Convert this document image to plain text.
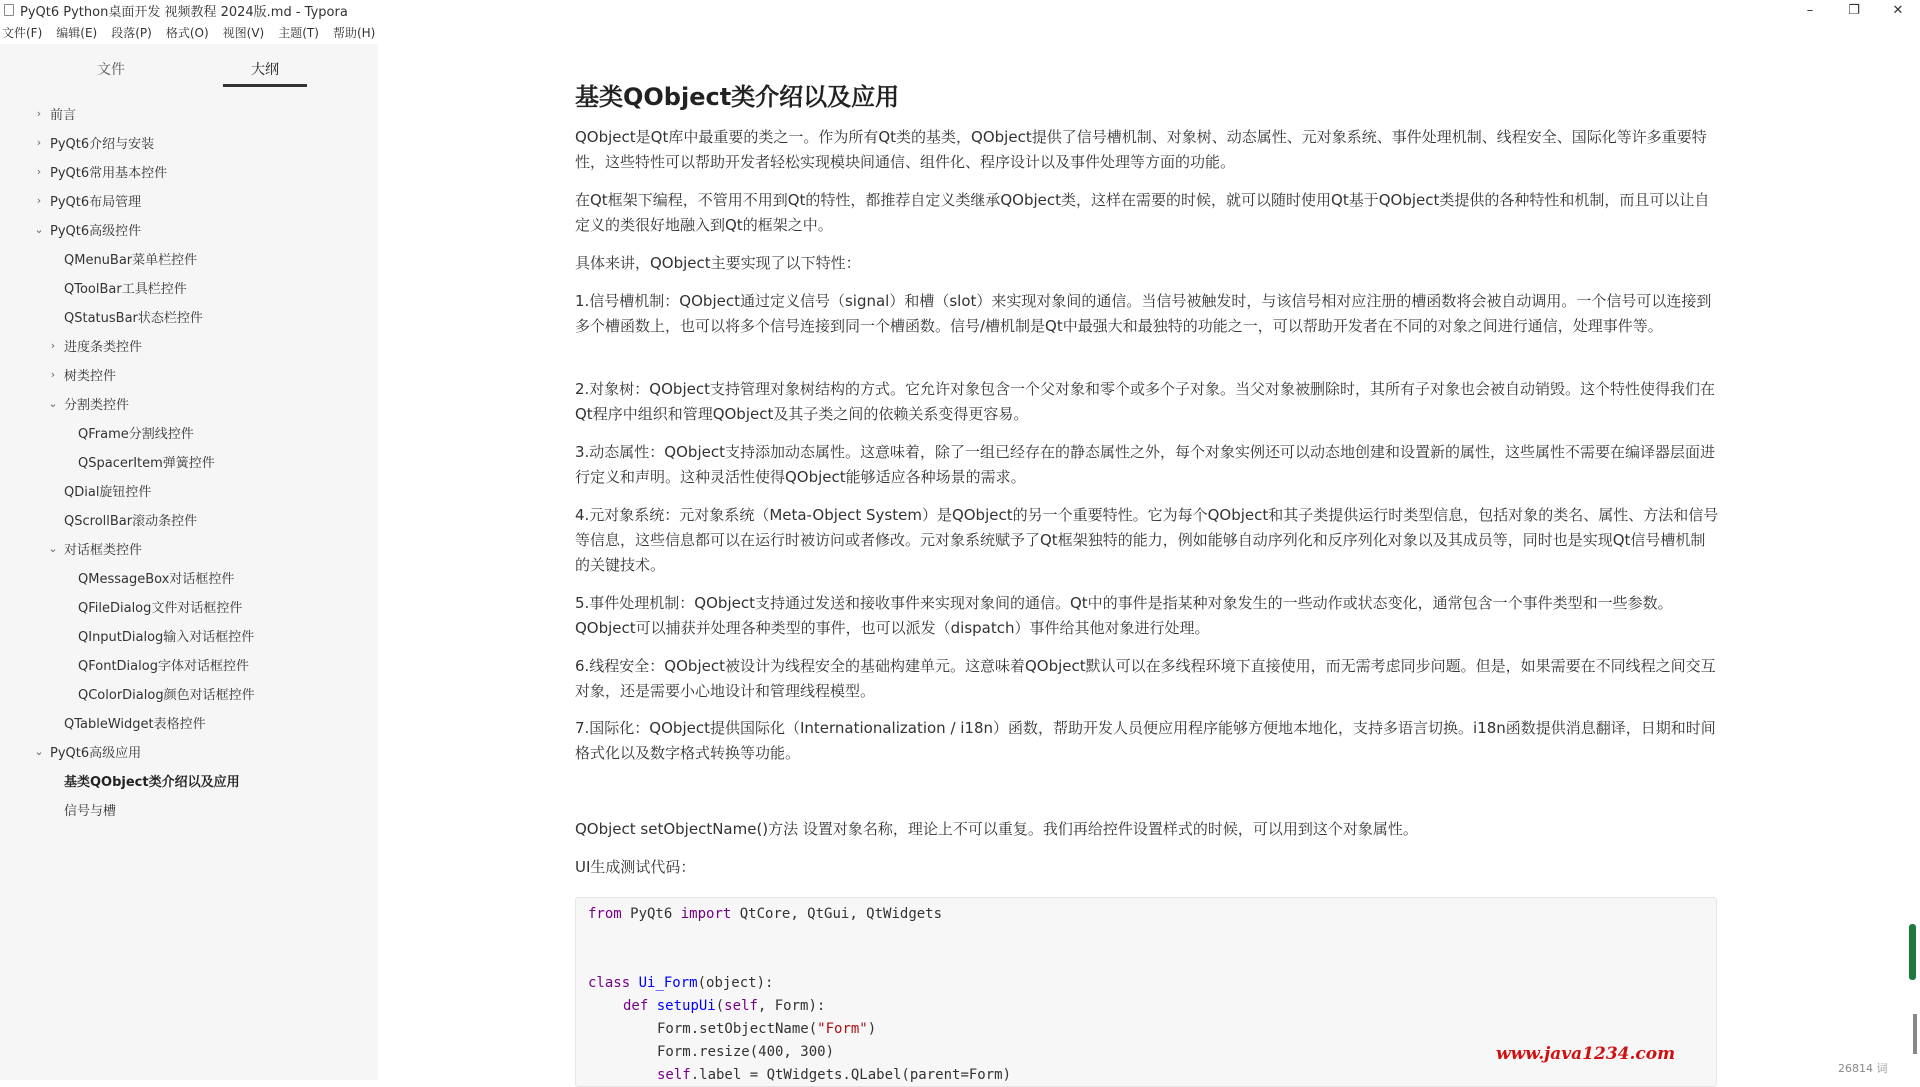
PyQt6 Python桌面开发 视频教程 2024版.md - Typora	–	❐	✕
文件(F) 编辑(E) 段落(P) 格式(O) 视图(V) 主题(T) 帮助(H)
文件	大纲
› 前言
› PyQt6介绍与安装
› PyQt6常用基本控件
› PyQt6布局管理
⌄ PyQt6高级控件
QMenuBar菜单栏控件
QToolBar工具栏控件
QStatusBar状态栏控件
› 进度条类控件
› 树类控件
⌄ 分割类控件
QFrame分割线控件
QSpacerItem弹簧控件
QDial旋钮控件
QScrollBar滚动条控件
⌄ 对话框类控件
QMessageBox对话框控件
QFileDialog文件对话框控件
QInputDialog输入对话框控件
QFontDialog字体对话框控件
QColorDialog颜色对话框控件
QTableWidget表格控件
⌄ PyQt6高级应用
基类QObject类介绍以及应用
信号与槽
基类QObject类介绍以及应用

QObject是Qt库中最重要的类之一。作为所有Qt类的基类，QObject提供了信号槽机制、对象树、动态属性、元对象系统、事件处理机制、线程安全、国际化等许多重要特性，这些特性可以帮助开发者轻松实现模块间通信、组件化、程序设计以及事件处理等方面的功能。

在Qt框架下编程，不管用不用到Qt的特性，都推荐自定义类继承QObject类，这样在需要的时候，就可以随时使用Qt基于QObject类提供的各种特性和机制，而且可以让自定义的类很好地融入到Qt的框架之中。

具体来讲，QObject主要实现了以下特性：

1.信号槽机制：QObject通过定义信号（signal）和槽（slot）来实现对象间的通信。当信号被触发时，与该信号相对应注册的槽函数将会被自动调用。一个信号可以连接到多个槽函数上，也可以将多个信号连接到同一个槽函数。信号/槽机制是Qt中最强大和最独特的功能之一，可以帮助开发者在不同的对象之间进行通信，处理事件等。

2.对象树：QObject支持管理对象树结构的方式。它允许对象包含一个父对象和零个或多个子对象。当父对象被删除时，其所有子对象也会被自动销毁。这个特性使得我们在Qt程序中组织和管理QObject及其子类之间的依赖关系变得更容易。

3.动态属性：QObject支持添加动态属性。这意味着，除了一组已经存在的静态属性之外，每个对象实例还可以动态地创建和设置新的属性，这些属性不需要在编译器层面进行定义和声明。这种灵活性使得QObject能够适应各种场景的需求。

4.元对象系统：元对象系统（Meta-Object System）是QObject的另一个重要特性。它为每个QObject和其子类提供运行时类型信息，包括对象的类名、属性、方法和信号等信息，这些信息都可以在运行时被访问或者修改。元对象系统赋予了Qt框架独特的能力，例如能够自动序列化和反序列化对象以及其成员等，同时也是实现Qt信号槽机制的关键技术。

5.事件处理机制：QObject支持通过发送和接收事件来实现对象间的通信。Qt中的事件是指某种对象发生的一些动作或状态变化，通常包含一个事件类型和一些参数。QObject可以捕获并处理各种类型的事件，也可以派发（dispatch）事件给其他对象进行处理。

6.线程安全：QObject被设计为线程安全的基础构建单元。这意味着QObject默认可以在多线程环境下直接使用，而无需考虑同步问题。但是，如果需要在不同线程之间交互对象，还是需要小心地设计和管理线程模型。

7.国际化：QObject提供国际化（Internationalization / i18n）函数，帮助开发人员便应用程序能够方便地本地化，支持多语言切换。i18n函数提供消息翻译，日期和时间格式化以及数字格式转换等功能。

QObject setObjectName()方法 设置对象名称，理论上不可以重复。我们再给控件设置样式的时候，可以用到这个对象属性。

UI生成测试代码：

from PyQt6 import QtCore, QtGui, QtWidgets
class Ui_Form(object):
def setupUi(self, Form):
Form.setObjectName("Form")
Form.resize(400, 300)
self.label = QtWidgets.QLabel(parent=Form)
www.java1234.com
26814 词
